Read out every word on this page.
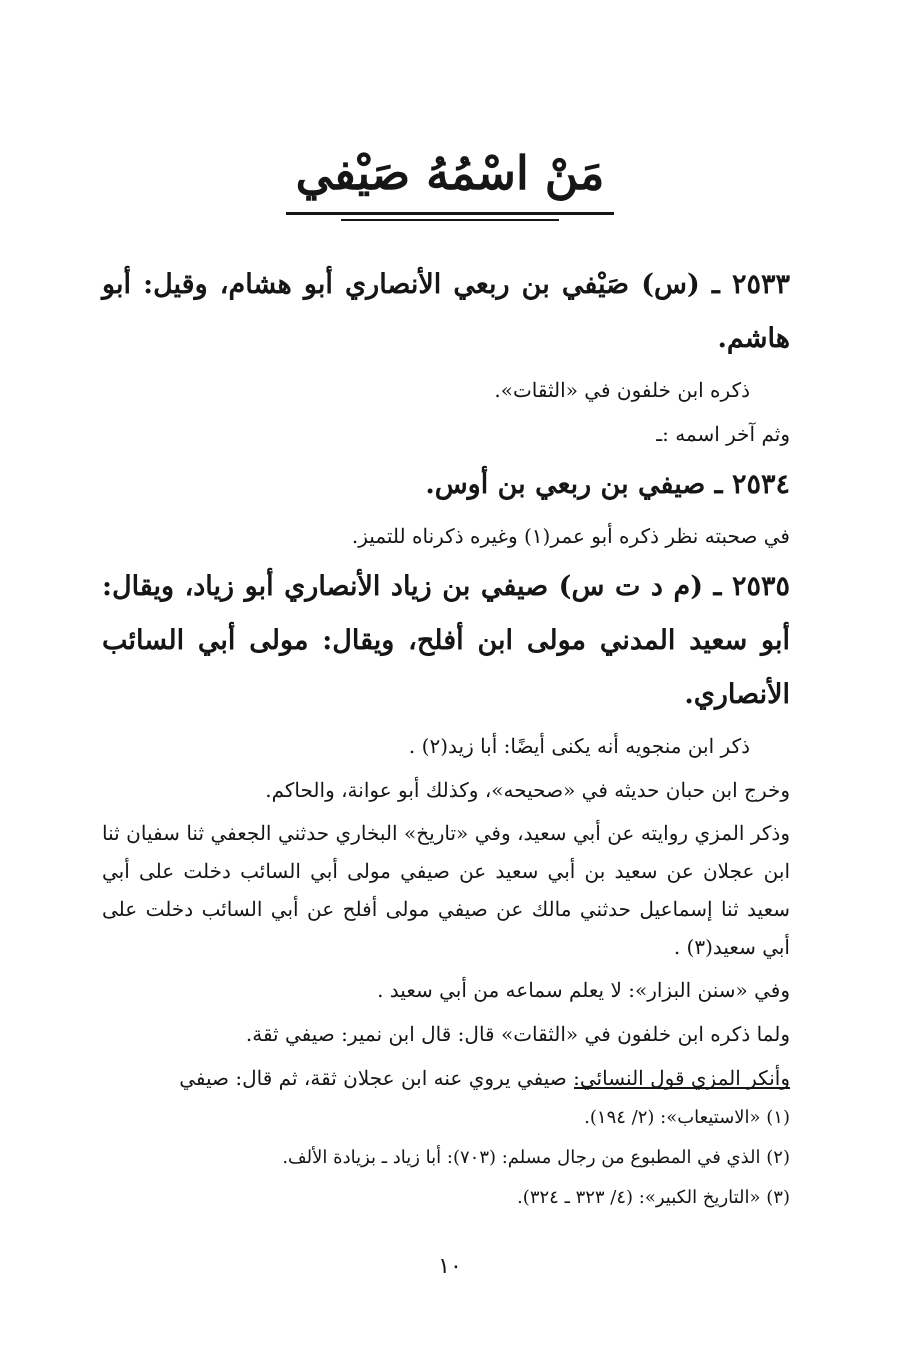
مَنْ اسْمُهُ صَيْفي
٢٥٣٣ ـ (س) صَيْفي بن ربعي الأنصاري أبو هشام، وقيل: أبو هاشم.

ذكره ابن خلفون في «الثقات».

وثم آخر اسمه :ـ

٢٥٣٤ ـ صيفي بن ربعي بن أوس.

في صحبته نظر ذكره أبو عمر(١) وغيره ذكرناه للتميز.

٢٥٣٥ ـ (م د ت س) صيفي بن زياد الأنصاري أبو زياد، ويقال: أبو سعيد المدني مولى ابن أفلح، ويقال: مولى أبي السائب الأنصاري.

ذكر ابن منجويه أنه يكنى أيضًا: أبا زيد(٢) .

وخرج ابن حبان حديثه في «صحيحه»، وكذلك أبو عوانة، والحاكم.

وذكر المزي روايته عن أبي سعيد، وفي «تاريخ» البخاري حدثني الجعفي ثنا سفيان ثنا ابن عجلان عن سعيد بن أبي سعيد عن صيفي مولى أبي السائب دخلت على أبي سعيد ثنا إسماعيل حدثني مالك عن صيفي مولى أفلح عن أبي السائب دخلت على أبي سعيد(٣) .

وفي «سنن البزار»: لا يعلم سماعه من أبي سعيد .

ولما ذكره ابن خلفون في «الثقات» قال: قال ابن نمير: صيفي ثقة.

وأنكر المزي قول النسائي: صيفي يروي عنه ابن عجلان ثقة، ثم قال: صيفي

(١) «الاستيعاب»: (٢/ ١٩٤).

(٢) الذي في المطبوع من رجال مسلم: (٧٠٣): أبا زياد ـ بزيادة الألف.

(٣) «التاريخ الكبير»: (٤/ ٣٢٣ ـ ٣٢٤).

١٠
